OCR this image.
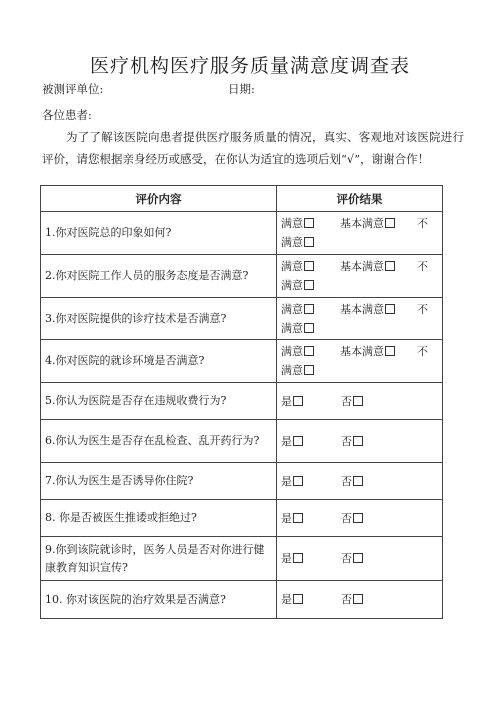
医疗机构医疗服务质量满意度调查表
被测评单位:	日期:
各位患者:
为了了解该医院向患者提供医疗服务质量的情况，真实、客观地对该医院进行评价，请您根据亲身经历或感受，在你认为适宜的选项后划“√”，谢谢合作！
评价内容	评价结果
1.你对医院总的印象如何?	满意 基本满意 不
满意

2.你对医院工作人员的服务态度是否满意?	满意 基本满意 不
满意

3.你对医院提供的诊疗技术是否满意?	满意 基本满意 不
满意

4.你对医院的就诊环境是否满意?	满意 基本满意 不
满意

5.你认为医院是否存在违规收费行为?	是 否

6.你认为医生是否存在乱检查、乱开药行为?	是 否

7.你认为医生是否诱导你住院?	是 否

8. 你是否被医生推诿或拒绝过?	是 否

9.你到该院就诊时，医务人员是否对你进行健康教育知识宣传?	是 否

10. 你对该医院的治疗效果是否满意?	是 否
